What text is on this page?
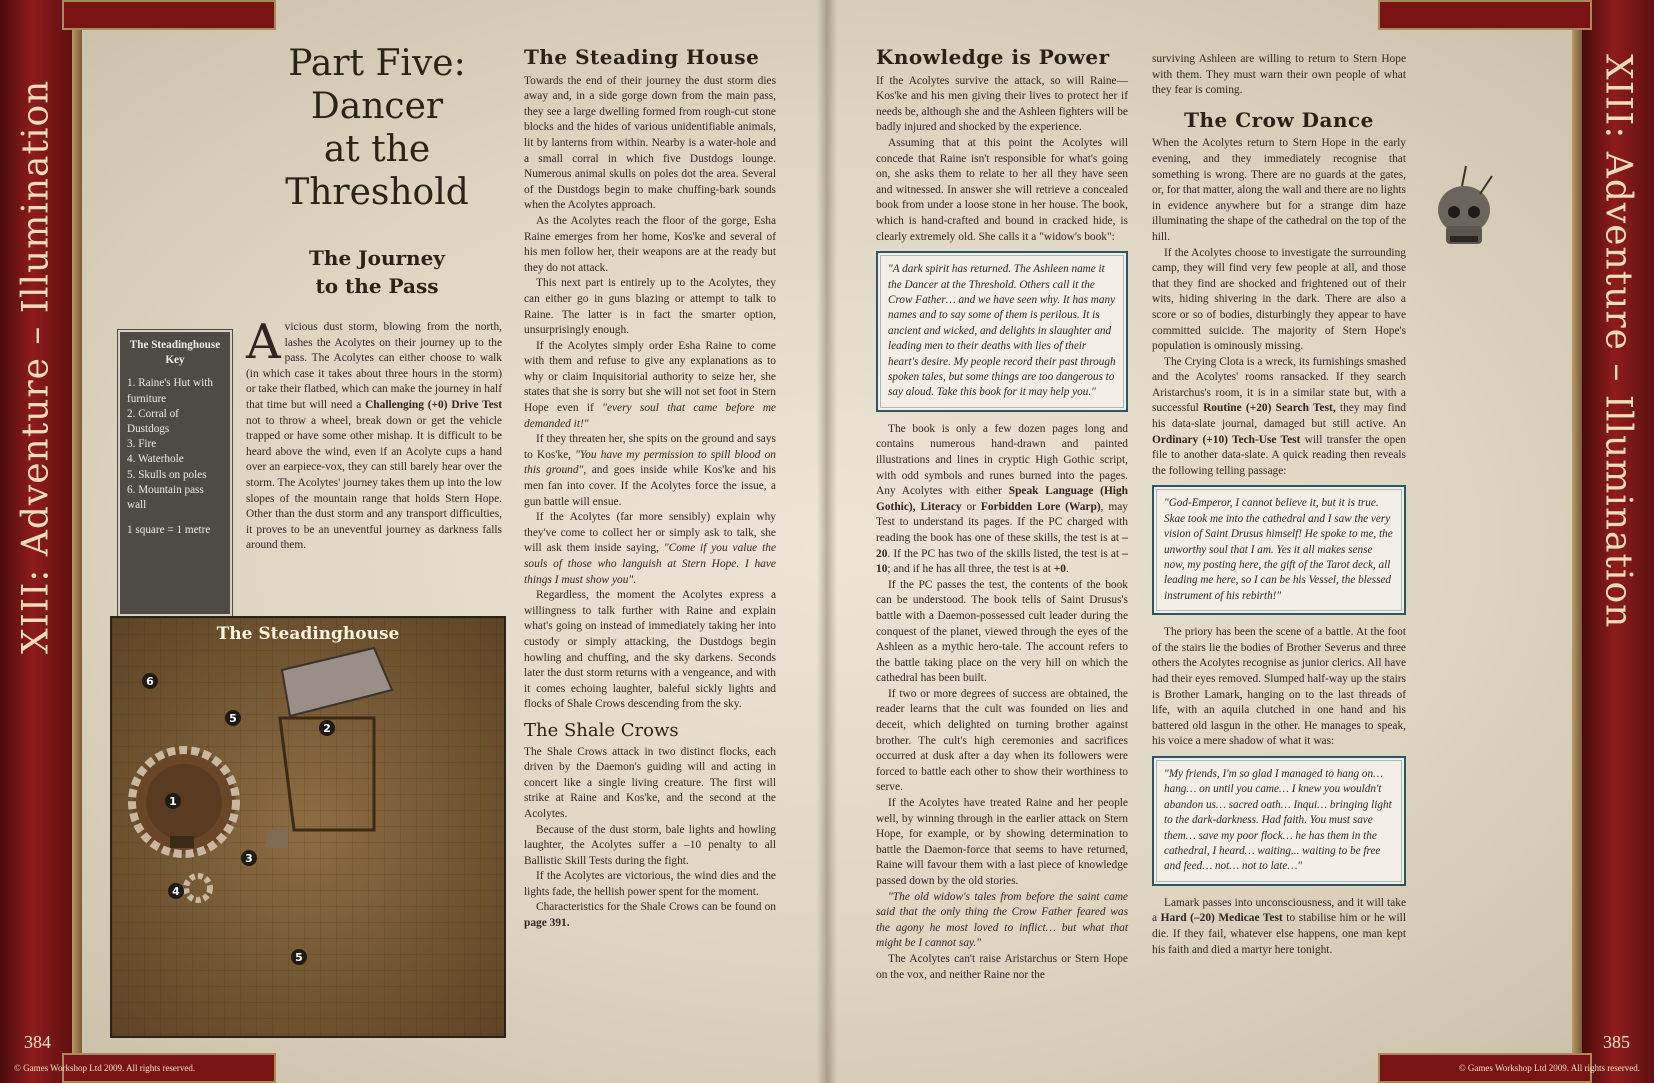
XIII: Adventure – Illumination	XIII: Adventure – Illumination
384	385
© Games Workshop Ltd 2009. All rights reserved.	© Games Workshop Ltd 2009. All rights reserved.
Part Five:
Dancer
at the
Threshold
The Journey
to the Pass
The Steadinghouse Key
1. Raine's Hut with furniture
2. Corral of Dustdogs
3. Fire
4. Waterhole
5. Skulls on poles
6. Mountain pass wall
1 square = 1 metre

Avicious dust storm, blowing from the north, lashes the Acolytes on their journey up to the pass. The Acolytes can either choose to walk (in which case it takes about three hours in the storm) or take their flatbed, which can make the journey in half that time but will need a Challenging (+0) Drive Test not to throw a wheel, break down or get the vehicle trapped or have some other mishap. It is difficult to be heard above the wind, even if an Acolyte cups a hand over an earpiece-vox, they can still barely hear over the storm. The Acolytes' journey takes them up into the low slopes of the mountain range that holds Stern Hope. Other than the dust storm and any transport difficulties, it proves to be an uneventful journey as darkness falls around them.

1
2
3
4
5
5
6
The Steadinghouse
The Steading House

Towards the end of their journey the dust storm dies away and, in a side gorge down from the main pass, they see a large dwelling formed from rough-cut stone blocks and the hides of various unidentifiable animals, lit by lanterns from within. Nearby is a water-hole and a small corral in which five Dustdogs lounge. Numerous animal skulls on poles dot the area. Several of the Dustdogs begin to make chuffing-bark sounds when the Acolytes approach.

As the Acolytes reach the floor of the gorge, Esha Raine emerges from her home, Kos'ke and several of his men follow her, their weapons are at the ready but they do not attack.

This next part is entirely up to the Acolytes, they can either go in guns blazing or attempt to talk to Raine. The latter is in fact the smarter option, unsurprisingly enough.

If the Acolytes simply order Esha Raine to come with them and refuse to give any explanations as to why or claim Inquisitorial authority to seize her, she states that she is sorry but she will not set foot in Stern Hope even if "every soul that came before me demanded it!"

If they threaten her, she spits on the ground and says to Kos'ke, "You have my permission to spill blood on this ground", and goes inside while Kos'ke and his men fan into cover. If the Acolytes force the issue, a gun battle will ensue.

If the Acolytes (far more sensibly) explain why they've come to collect her or simply ask to talk, she will ask them inside saying, "Come if you value the souls of those who languish at Stern Hope. I have things I must show you".

Regardless, the moment the Acolytes express a willingness to talk further with Raine and explain what's going on instead of immediately taking her into custody or simply attacking, the Dustdogs begin howling and chuffing, and the sky darkens. Seconds later the dust storm returns with a vengeance, and with it comes echoing laughter, baleful sickly lights and flocks of Shale Crows descending from the sky.

The Shale Crows

The Shale Crows attack in two distinct flocks, each driven by the Daemon's guiding will and acting in concert like a single living creature. The first will strike at Raine and Kos'ke, and the second at the Acolytes.

Because of the dust storm, bale lights and howling laughter, the Acolytes suffer a –10 penalty to all Ballistic Skill Tests during the fight.

If the Acolytes are victorious, the wind dies and the lights fade, the hellish power spent for the moment.

Characteristics for the Shale Crows can be found on page 391.

Knowledge is Power

If the Acolytes survive the attack, so will Raine—Kos'ke and his men giving their lives to protect her if needs be, although she and the Ashleen fighters will be badly injured and shocked by the experience.

Assuming that at this point the Acolytes will concede that Raine isn't responsible for what's going on, she asks them to relate to her all they have seen and witnessed. In answer she will retrieve a concealed book from under a loose stone in her house. The book, which is hand-crafted and bound in cracked hide, is clearly extremely old. She calls it a "widow's book":

"A dark spirit has returned. The Ashleen name it the Dancer at the Threshold. Others call it the Crow Father… and we have seen why. It has many names and to say some of them is perilous. It is ancient and wicked, and delights in slaughter and leading men to their deaths with lies of their heart's desire. My people record their past through spoken tales, but some things are too dangerous to say aloud. Take this book for it may help you."

The book is only a few dozen pages long and contains numerous hand-drawn and painted illustrations and lines in cryptic High Gothic script, with odd symbols and runes burned into the pages. Any Acolytes with either Speak Language (High Gothic), Literacy or Forbidden Lore (Warp), may Test to understand its pages. If the PC charged with reading the book has one of these skills, the test is at –20. If the PC has two of the skills listed, the test is at –10; and if he has all three, the test is at +0.

If the PC passes the test, the contents of the book can be understood. The book tells of Saint Drusus's battle with a Daemon-possessed cult leader during the conquest of the planet, viewed through the eyes of the Ashleen as a mythic hero-tale. The account refers to the battle taking place on the very hill on which the cathedral has been built.

If two or more degrees of success are obtained, the reader learns that the cult was founded on lies and deceit, which delighted on turning brother against brother. The cult's high ceremonies and sacrifices occurred at dusk after a day when its followers were forced to battle each other to show their worthiness to serve.

If the Acolytes have treated Raine and her people well, by winning through in the earlier attack on Stern Hope, for example, or by showing determination to battle the Daemon-force that seems to have returned, Raine will favour them with a last piece of knowledge passed down by the old stories.

"The old widow's tales from before the saint came said that the only thing the Crow Father feared was the agony he most loved to inflict… but what that might be I cannot say."

The Acolytes can't raise Aristarchus or Stern Hope on the vox, and neither Raine nor the

surviving Ashleen are willing to return to Stern Hope with them. They must warn their own people of what they fear is coming.

The Crow Dance

When the Acolytes return to Stern Hope in the early evening, and they immediately recognise that something is wrong. There are no guards at the gates, or, for that matter, along the wall and there are no lights in evidence anywhere but for a strange dim haze illuminating the shape of the cathedral on the top of the hill.

If the Acolytes choose to investigate the surrounding camp, they will find very few people at all, and those that they find are shocked and frightened out of their wits, hiding shivering in the dark. There are also a score or so of bodies, disturbingly they appear to have committed suicide. The majority of Stern Hope's population is ominously missing.

The Crying Clota is a wreck, its furnishings smashed and the Acolytes' rooms ransacked. If they search Aristarchus's room, it is in a similar state but, with a successful Routine (+20) Search Test, they may find his data-slate journal, damaged but still active. An Ordinary (+10) Tech-Use Test will transfer the open file to another data-slate. A quick reading then reveals the following telling passage:

"God-Emperor, I cannot believe it, but it is true. Skae took me into the cathedral and I saw the very vision of Saint Drusus himself! He spoke to me, the unworthy soul that I am. Yes it all makes sense now, my posting here, the gift of the Tarot deck, all leading me here, so I can be his Vessel, the blessed instrument of his rebirth!"

The priory has been the scene of a battle. At the foot of the stairs lie the bodies of Brother Severus and three others the Acolytes recognise as junior clerics. All have had their eyes removed. Slumped half-way up the stairs is Brother Lamark, hanging on to the last threads of life, with an aquila clutched in one hand and his battered old lasgun in the other. He manages to speak, his voice a mere shadow of what it was:

"My friends, I'm so glad I managed to hang on… hang… on until you came… I knew you wouldn't abandon us… sacred oath… Inqui… bringing light to the dark-darkness. Had faith. You must save them… save my poor flock… he has them in the cathedral, I heard… waiting... waiting to be free and feed… not… not to late…"

Lamark passes into unconsciousness, and it will take a Hard (–20) Medicae Test to stabilise him or he will die. If they fail, whatever else happens, one man kept his faith and died a martyr here tonight.
